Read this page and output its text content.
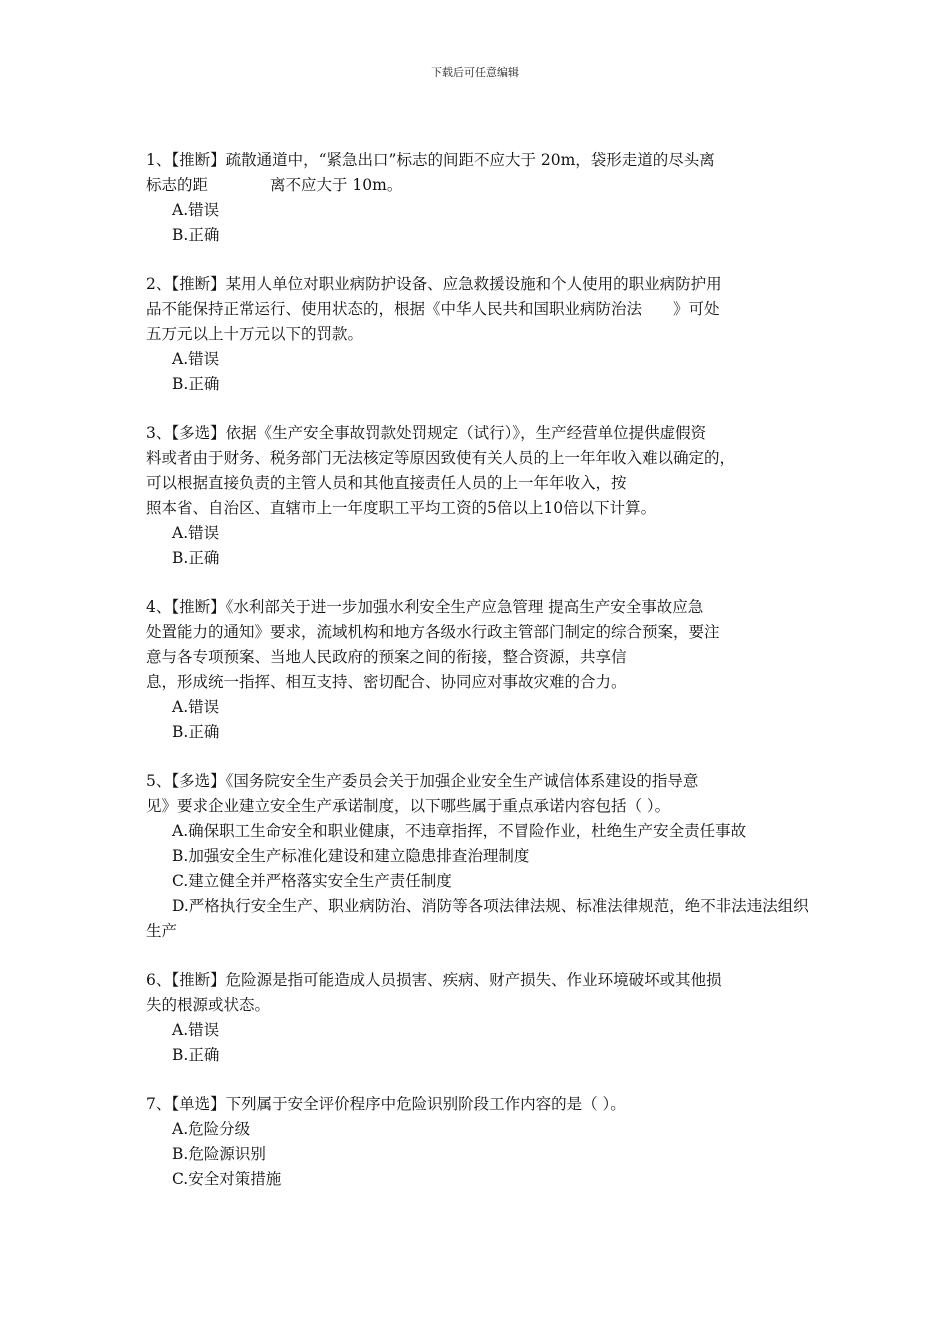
下载后可任意编辑
1、【推断】疏散通道中，“紧急出口”标志的间距不应大于 20m，袋形走道的尽头离
标志的距　　　　离不应大于 10m。
A.错误
B.正确
2、【推断】某用人单位对职业病防护设备、应急救援设施和个人使用的职业病防护用
品不能保持正常运行、使用状态的，根据《中华人民共和国职业病防治法　　》可处
五万元以上十万元以下的罚款。
A.错误
B.正确
3、【多选】依据《生产安全事故罚款处罚规定（试行）》，生产经营单位提供虚假资
料或者由于财务、税务部门无法核定等原因致使有关人员的上一年年收入难以确定的，
可以根据直接负责的主管人员和其他直接责任人员的上一年年收入，按
照本省、自治区、直辖市上一年度职工平均工资的5倍以上10倍以下计算。
A.错误
B.正确
4、【推断】《水利部关于进一步加强水利安全生产应急管理 提高生产安全事故应急
处置能力的通知》要求，流域机构和地方各级水行政主管部门制定的综合预案，要注
意与各专项预案、当地人民政府的预案之间的衔接，整合资源，共享信
息，形成统一指挥、相互支持、密切配合、协同应对事故灾难的合力。
A.错误
B.正确
5、【多选】《国务院安全生产委员会关于加强企业安全生产诚信体系建设的指导意
见》要求企业建立安全生产承诺制度，以下哪些属于重点承诺内容包括（ ）。
A.确保职工生命安全和职业健康，不违章指挥，不冒险作业，杜绝生产安全责任事故
B.加强安全生产标准化建设和建立隐患排查治理制度
C.建立健全并严格落实安全生产责任制度
D.严格执行安全生产、职业病防治、消防等各项法律法规、标准法律规范，绝不非法违法组织生产
6、【推断】危险源是指可能造成人员损害、疾病、财产损失、作业环境破坏或其他损
失的根源或状态。
A.错误
B.正确
7、【单选】下列属于安全评价程序中危险识别阶段工作内容的是（ ）。
A.危险分级
B.危险源识别
C.安全对策措施
